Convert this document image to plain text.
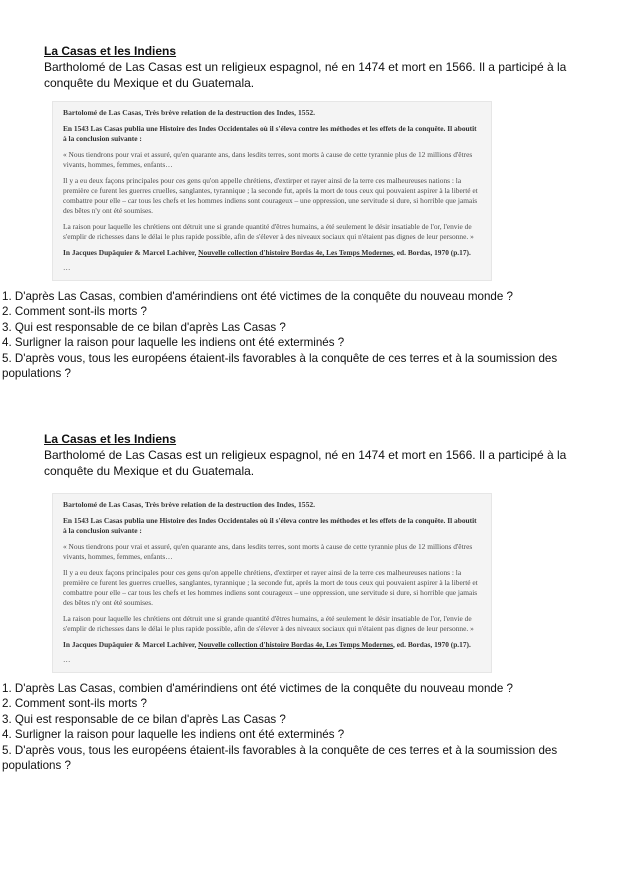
La Casas et les Indiens

Bartholomé de Las Casas est un religieux espagnol, né en 1474 et mort en 1566. Il a participé à la conquête du Mexique et du Guatemala.

Bartolomé de Las Casas, Très brève relation de la destruction des Indes, 1552.

En 1543 Las Casas publia une Histoire des Indes Occidentales où il s'éleva contre les méthodes et les effets de la conquête. Il aboutit à la conclusion suivante :

« Nous tiendrons pour vrai et assuré, qu'en quarante ans, dans lesdits terres, sont morts à cause de cette tyrannie plus de 12 millions d'êtres vivants, hommes, femmes, enfants…

Il y a eu deux façons principales pour ces gens qu'on appelle chrétiens, d'extirper et rayer ainsi de la terre ces malheureuses nations : la première ce furent les guerres cruelles, sanglantes, tyrannique ; la seconde fut, après la mort de tous ceux qui pouvaient aspirer à la liberté et combattre pour elle – car tous les chefs et les hommes indiens sont courageux – une oppression, une servitude si dure, si horrible que jamais des bêtes n'y ont été soumises.

La raison pour laquelle les chrétiens ont détruit une si grande quantité d'êtres humains, a été seulement le désir insatiable de l'or, l'envie de s'emplir de richesses dans le délai le plus rapide possible, afin de s'élever à des niveaux sociaux qui n'étaient pas dignes de leur personne. »

In Jacques Dupâquier & Marcel Lachiver, Nouvelle collection d'histoire Bordas 4e, Les Temps Modernes, ed. Bordas, 1970 (p.17).

…

1. D'après Las Casas, combien d'amérindiens ont été victimes de la conquête du nouveau monde ?
2. Comment sont-ils morts ?
3. Qui est responsable de ce bilan d'après Las Casas ?
4. Surligner la raison pour laquelle les indiens ont été exterminés ?
5. D'après vous, tous les européens étaient-ils favorables à la conquête de ces terres et à la soumission des populations ?
La Casas et les Indiens

Bartholomé de Las Casas est un religieux espagnol, né en 1474 et mort en 1566. Il a participé à la conquête du Mexique et du Guatemala.

Bartolomé de Las Casas, Très brève relation de la destruction des Indes, 1552.

En 1543 Las Casas publia une Histoire des Indes Occidentales où il s'éleva contre les méthodes et les effets de la conquête. Il aboutit à la conclusion suivante :

« Nous tiendrons pour vrai et assuré, qu'en quarante ans, dans lesdits terres, sont morts à cause de cette tyrannie plus de 12 millions d'êtres vivants, hommes, femmes, enfants…

Il y a eu deux façons principales pour ces gens qu'on appelle chrétiens, d'extirper et rayer ainsi de la terre ces malheureuses nations : la première ce furent les guerres cruelles, sanglantes, tyrannique ; la seconde fut, après la mort de tous ceux qui pouvaient aspirer à la liberté et combattre pour elle – car tous les chefs et les hommes indiens sont courageux – une oppression, une servitude si dure, si horrible que jamais des bêtes n'y ont été soumises.

La raison pour laquelle les chrétiens ont détruit une si grande quantité d'êtres humains, a été seulement le désir insatiable de l'or, l'envie de s'emplir de richesses dans le délai le plus rapide possible, afin de s'élever à des niveaux sociaux qui n'étaient pas dignes de leur personne. »

In Jacques Dupâquier & Marcel Lachiver, Nouvelle collection d'histoire Bordas 4e, Les Temps Modernes, ed. Bordas, 1970 (p.17).

…

1. D'après Las Casas, combien d'amérindiens ont été victimes de la conquête du nouveau monde ?
2. Comment sont-ils morts ?
3. Qui est responsable de ce bilan d'après Las Casas ?
4. Surligner la raison pour laquelle les indiens ont été exterminés ?
5. D'après vous, tous les européens étaient-ils favorables à la conquête de ces terres et à la soumission des populations ?
